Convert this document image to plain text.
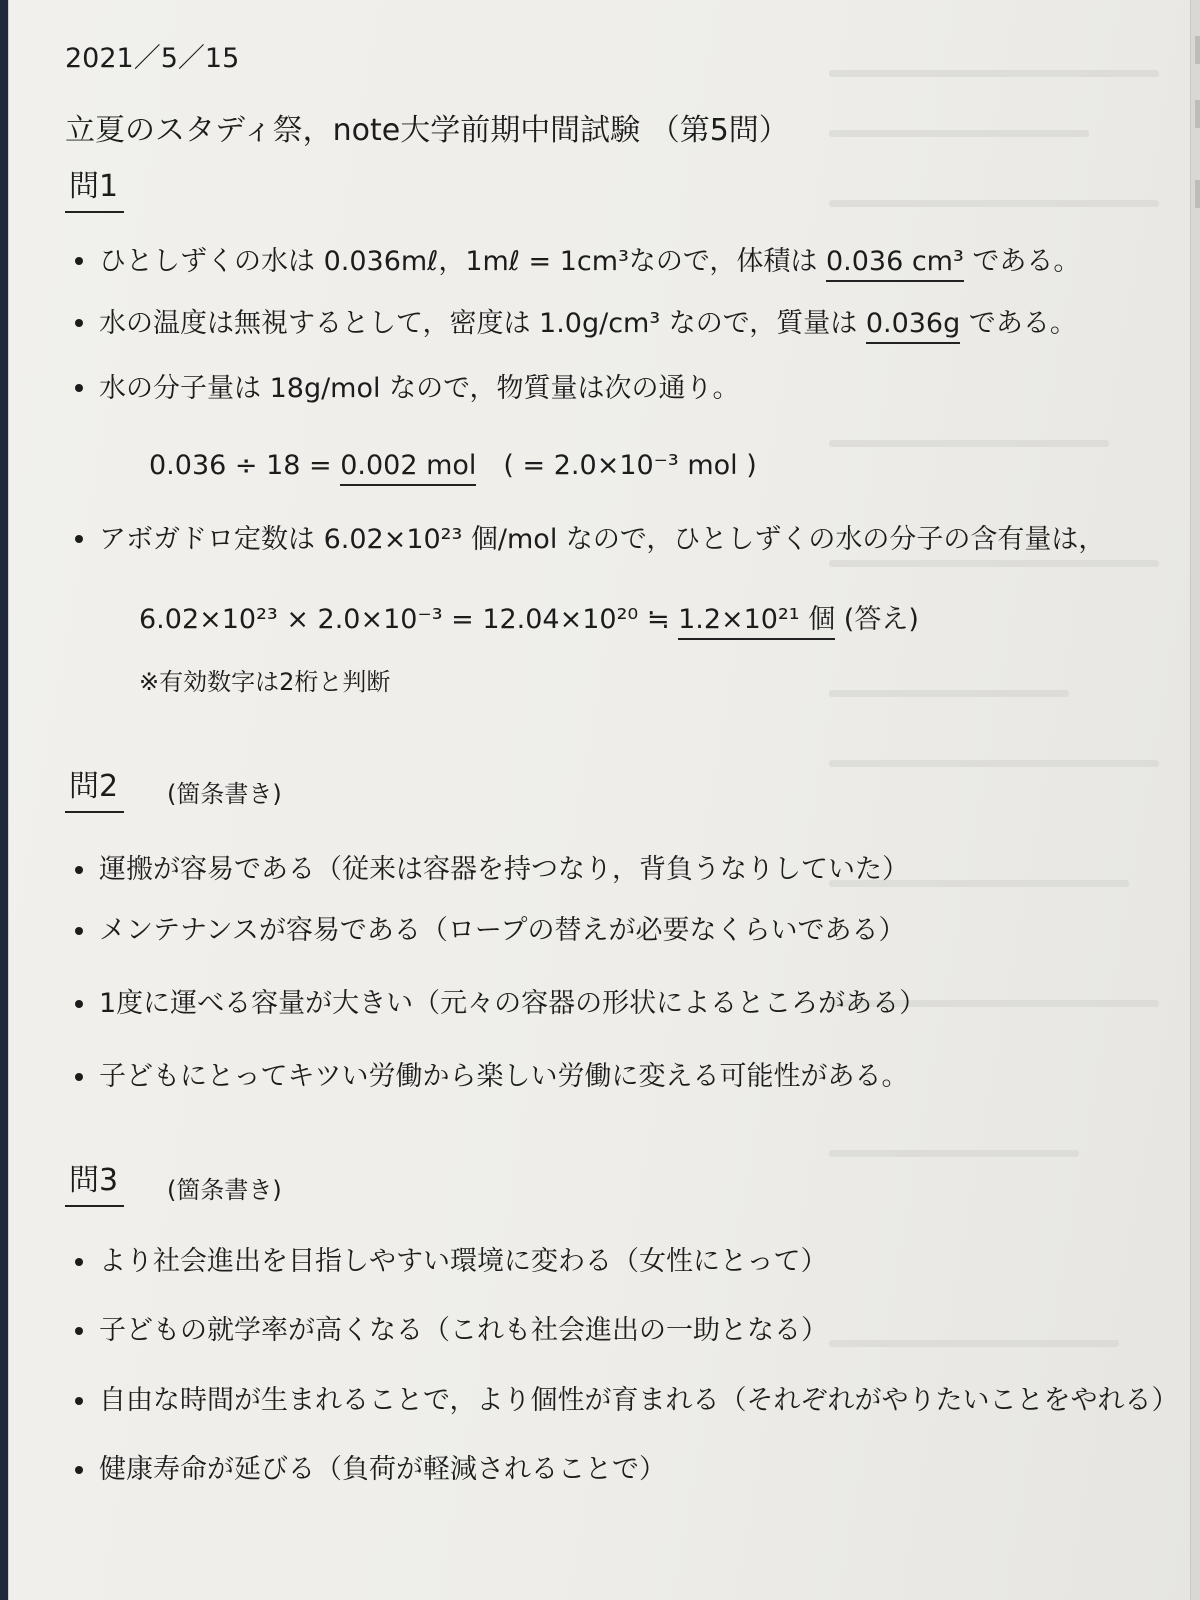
2021／5／15
立夏のスタディ祭，note大学前期中間試験 （第5問）
問1
ひとしずくの水は 0.036mℓ，1mℓ = 1cm³なので，体積は 0.036 cm³ である。
水の温度は無視するとして，密度は 1.0g/cm³ なので，質量は 0.036g である。
水の分子量は 18g/mol なので，物質量は次の通り。
0.036 ÷ 18 = 0.002 mol　( = 2.0×10⁻³ mol )
アボガドロ定数は 6.02×10²³ 個/mol なので，ひとしずくの水の分子の含有量は，
6.02×10²³ × 2.0×10⁻³ = 12.04×10²⁰ ≒ 1.2×10²¹ 個 (答え)
※有効数字は2桁と判断
問2 (箇条書き)
運搬が容易である（従来は容器を持つなり，背負うなりしていた）
メンテナンスが容易である（ロープの替えが必要なくらいである）
1度に運べる容量が大きい（元々の容器の形状によるところがある）
子どもにとってキツい労働から楽しい労働に変える可能性がある。
問3 (箇条書き)
より社会進出を目指しやすい環境に変わる（女性にとって）
子どもの就学率が高くなる（これも社会進出の一助となる）
自由な時間が生まれることで，より個性が育まれる（それぞれがやりたいことをやれる）
健康寿命が延びる（負荷が軽減されることで）
